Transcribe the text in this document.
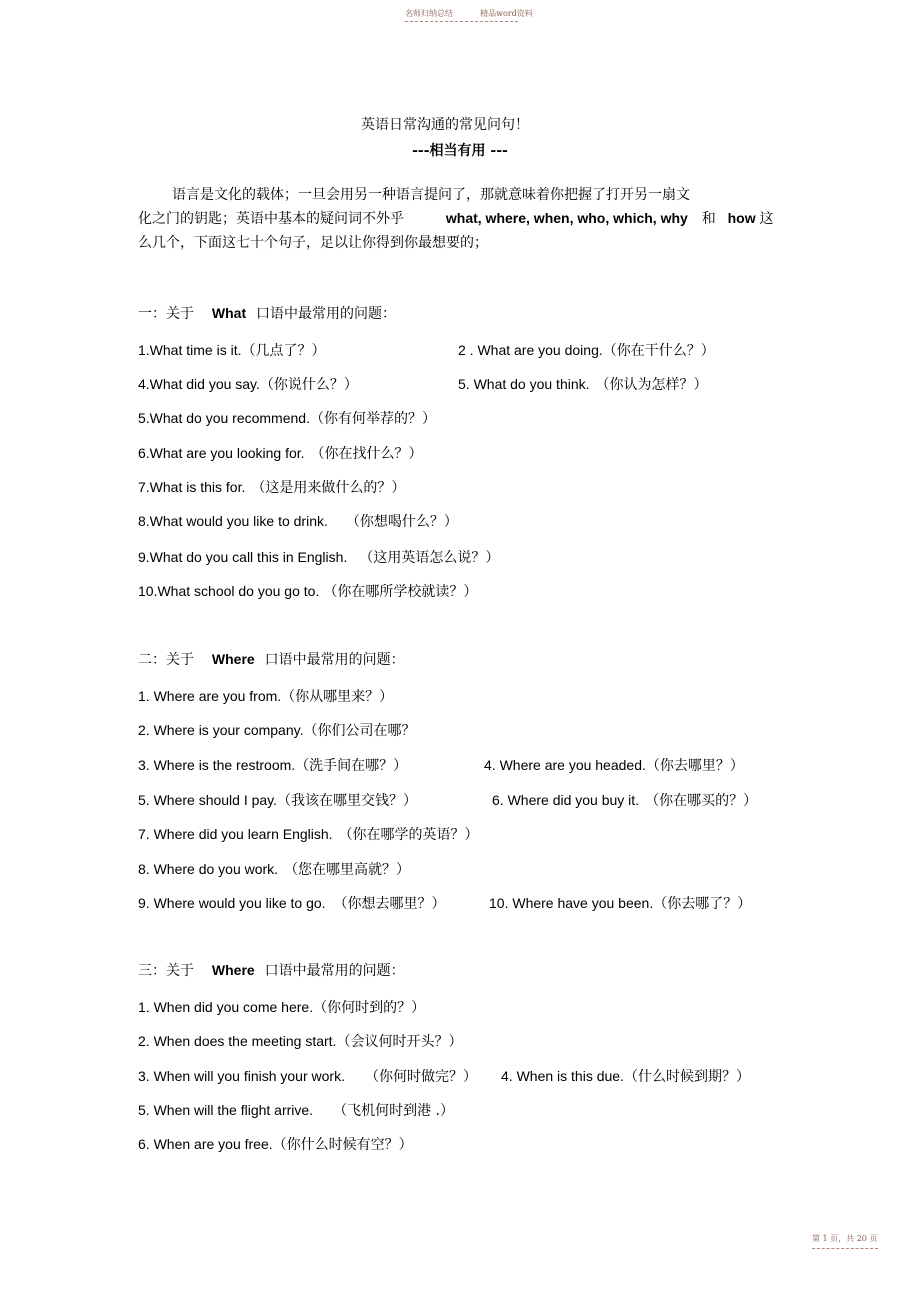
名师归纳总结	精品word资料
英语日常沟通的常见问句！
---相当有用 ---
语言是文化的载体；一旦会用另一种语言提问了，那就意味着你把握了打开另一扇文
化之门的钥匙；英语中基本的疑问词不外乎	what, where, when, who, which, why 和 how 这
么几个，下面这七十个句子，足以让你得到你最想要的；
一：关于 What 口语中最常用的问题：
1.What time is it.（几点了？）	2 . What are you doing.（你在干什么？）
4.What did you say.（你说什么？）	5. What do you think. （你认为怎样？）
5.What do you recommend.（你有何举荐的？）
6.What are you looking for. （你在找什么？）
7.What is this for. （这是用来做什么的？）
8.What would you like to drink. （你想喝什么？）
9.What do you call this in English. （这用英语怎么说？）
10.What school do you go to. （你在哪所学校就读？）
二：关于 Where 口语中最常用的问题：
1. Where are you from.（你从哪里来？）
2. Where is your company.（你们公司在哪？
3. Where is the restroom.（洗手间在哪？）	4. Where are you headed.（你去哪里？）
5. Where should I pay.（我该在哪里交钱？）	6. Where did you buy it. （你在哪买的？）
7. Where did you learn English. （你在哪学的英语？）
8. Where do you work. （您在哪里高就？）
9. Where would you like to go. （你想去哪里？）	10. Where have you been.（你去哪了？）
三：关于 Where 口语中最常用的问题：
1. When did you come here.（你何时到的？）
2. When does the meeting start.（会议何时开头？）
3. When will you finish your work. （你何时做完？） 4. When is this due.（什么时候到期？）
5. When will the flight arrive. （飞机何时到港 .）
6. When are you free.（你什么时候有空？）
第 1 页，共 20 页
